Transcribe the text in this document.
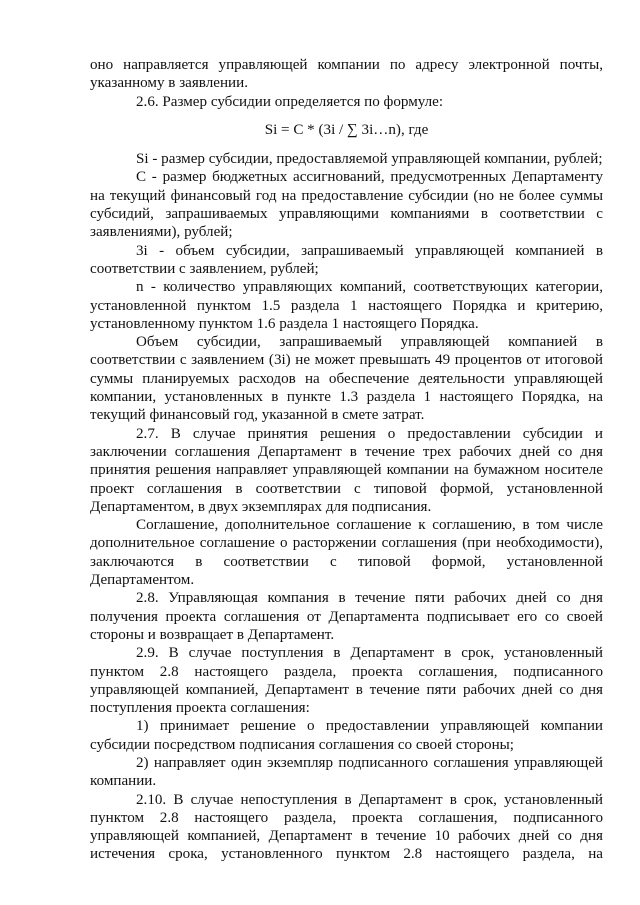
оно направляется управляющей компании по адресу электронной почты, указанному в заявлении.

2.6. Размер субсидии определяется по формуле:

Si = C * (3i / ∑ 3i…n), где

Si - размер субсидии, предоставляемой управляющей компании, рублей;

С - размер бюджетных ассигнований, предусмотренных Департаменту на текущий финансовый год на предоставление субсидии (но не более суммы субсидий, запрашиваемых управляющими компаниями в соответствии с заявлениями), рублей;

3i - объем субсидии, запрашиваемый управляющей компанией в соответствии с заявлением, рублей;

n - количество управляющих компаний, соответствующих категории, установленной пунктом 1.5 раздела 1 настоящего Порядка и критерию, установленному пунктом 1.6 раздела 1 настоящего Порядка.

Объем субсидии, запрашиваемый управляющей компанией в соответствии с заявлением (3i) не может превышать 49 процентов от итоговой суммы планируемых расходов на обеспечение деятельности управляющей компании, установленных в пункте 1.3 раздела 1 настоящего Порядка, на текущий финансовый год, указанной в смете затрат.

2.7. В случае принятия решения о предоставлении субсидии и заключении соглашения Департамент в течение трех рабочих дней со дня принятия решения направляет управляющей компании на бумажном носителе проект соглашения в соответствии с типовой формой, установленной Департаментом, в двух экземплярах для подписания.

Соглашение, дополнительное соглашение к соглашению, в том числе дополнительное соглашение о расторжении соглашения (при необходимости), заключаются в соответствии с типовой формой, установленной Департаментом.

2.8. Управляющая компания в течение пяти рабочих дней со дня получения проекта соглашения от Департамента подписывает его со своей стороны и возвращает в Департамент.

2.9. В случае поступления в Департамент в срок, установленный пунктом 2.8 настоящего раздела, проекта соглашения, подписанного управляющей компанией, Департамент в течение пяти рабочих дней со дня поступления проекта соглашения:

1) принимает решение о предоставлении управляющей компании субсидии посредством подписания соглашения со своей стороны;

2) направляет один экземпляр подписанного соглашения управляющей компании.

2.10. В случае непоступления в Департамент в срок, установленный пунктом 2.8 настоящего раздела, проекта соглашения, подписанного управляющей компанией, Департамент в течение 10 рабочих дней со дня истечения срока, установленного пунктом 2.8 настоящего раздела, на
